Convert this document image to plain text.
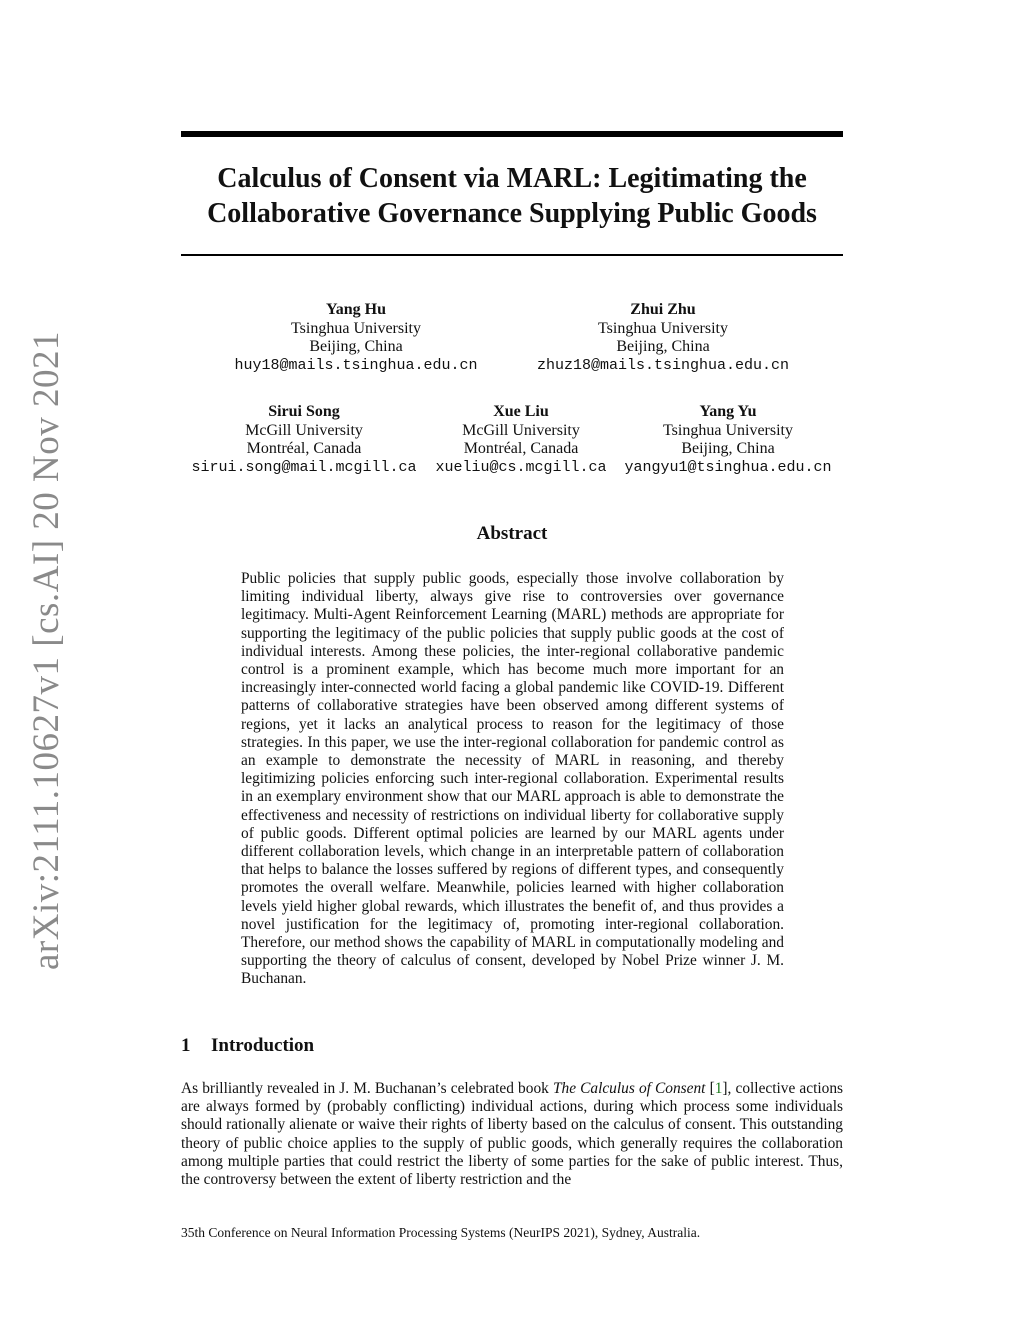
arXiv:2111.10627v1 [cs.AI] 20 Nov 2021
Calculus of Consent via MARL: Legitimating the
Collaborative Governance Supplying Public Goods
Yang Hu
Tsinghua University
Beijing, China
huy18@mails.tsinghua.edu.cn
Zhui Zhu
Tsinghua University
Beijing, China
zhuz18@mails.tsinghua.edu.cn
Sirui Song
McGill University
Montréal, Canada
sirui.song@mail.mcgill.ca
Xue Liu
McGill University
Montréal, Canada
xueliu@cs.mcgill.ca
Yang Yu
Tsinghua University
Beijing, China
yangyu1@tsinghua.edu.cn
Abstract
Public policies that supply public goods, especially those involve collaboration by limiting individual liberty, always give rise to controversies over governance legitimacy. Multi-Agent Reinforcement Learning (MARL) methods are appropriate for supporting the legitimacy of the public policies that supply public goods at the cost of individual interests. Among these policies, the inter-regional collaborative pandemic control is a prominent example, which has become much more important for an increasingly inter-connected world facing a global pandemic like COVID-19. Different patterns of collaborative strategies have been observed among different systems of regions, yet it lacks an analytical process to reason for the legitimacy of those strategies. In this paper, we use the inter-regional collaboration for pandemic control as an example to demonstrate the necessity of MARL in reasoning, and thereby legitimizing policies enforcing such inter-regional collaboration. Experimental results in an exemplary environment show that our MARL approach is able to demonstrate the effectiveness and necessity of restrictions on individual liberty for collaborative supply of public goods. Different optimal policies are learned by our MARL agents under different collaboration levels, which change in an interpretable pattern of collaboration that helps to balance the losses suffered by regions of different types, and consequently promotes the overall welfare. Meanwhile, policies learned with higher collaboration levels yield higher global rewards, which illustrates the benefit of, and thus provides a novel justification for the legitimacy of, promoting inter-regional collaboration. Therefore, our method shows the capability of MARL in computationally modeling and supporting the theory of calculus of consent, developed by Nobel Prize winner J. M. Buchanan.
1 Introduction
As brilliantly revealed in J. M. Buchanan’s celebrated book The Calculus of Consent [1], collective actions are always formed by (probably conflicting) individual actions, during which process some individuals should rationally alienate or waive their rights of liberty based on the calculus of consent. This outstanding theory of public choice applies to the supply of public goods, which generally requires the collaboration among multiple parties that could restrict the liberty of some parties for the sake of public interest. Thus, the controversy between the extent of liberty restriction and the
35th Conference on Neural Information Processing Systems (NeurIPS 2021), Sydney, Australia.
